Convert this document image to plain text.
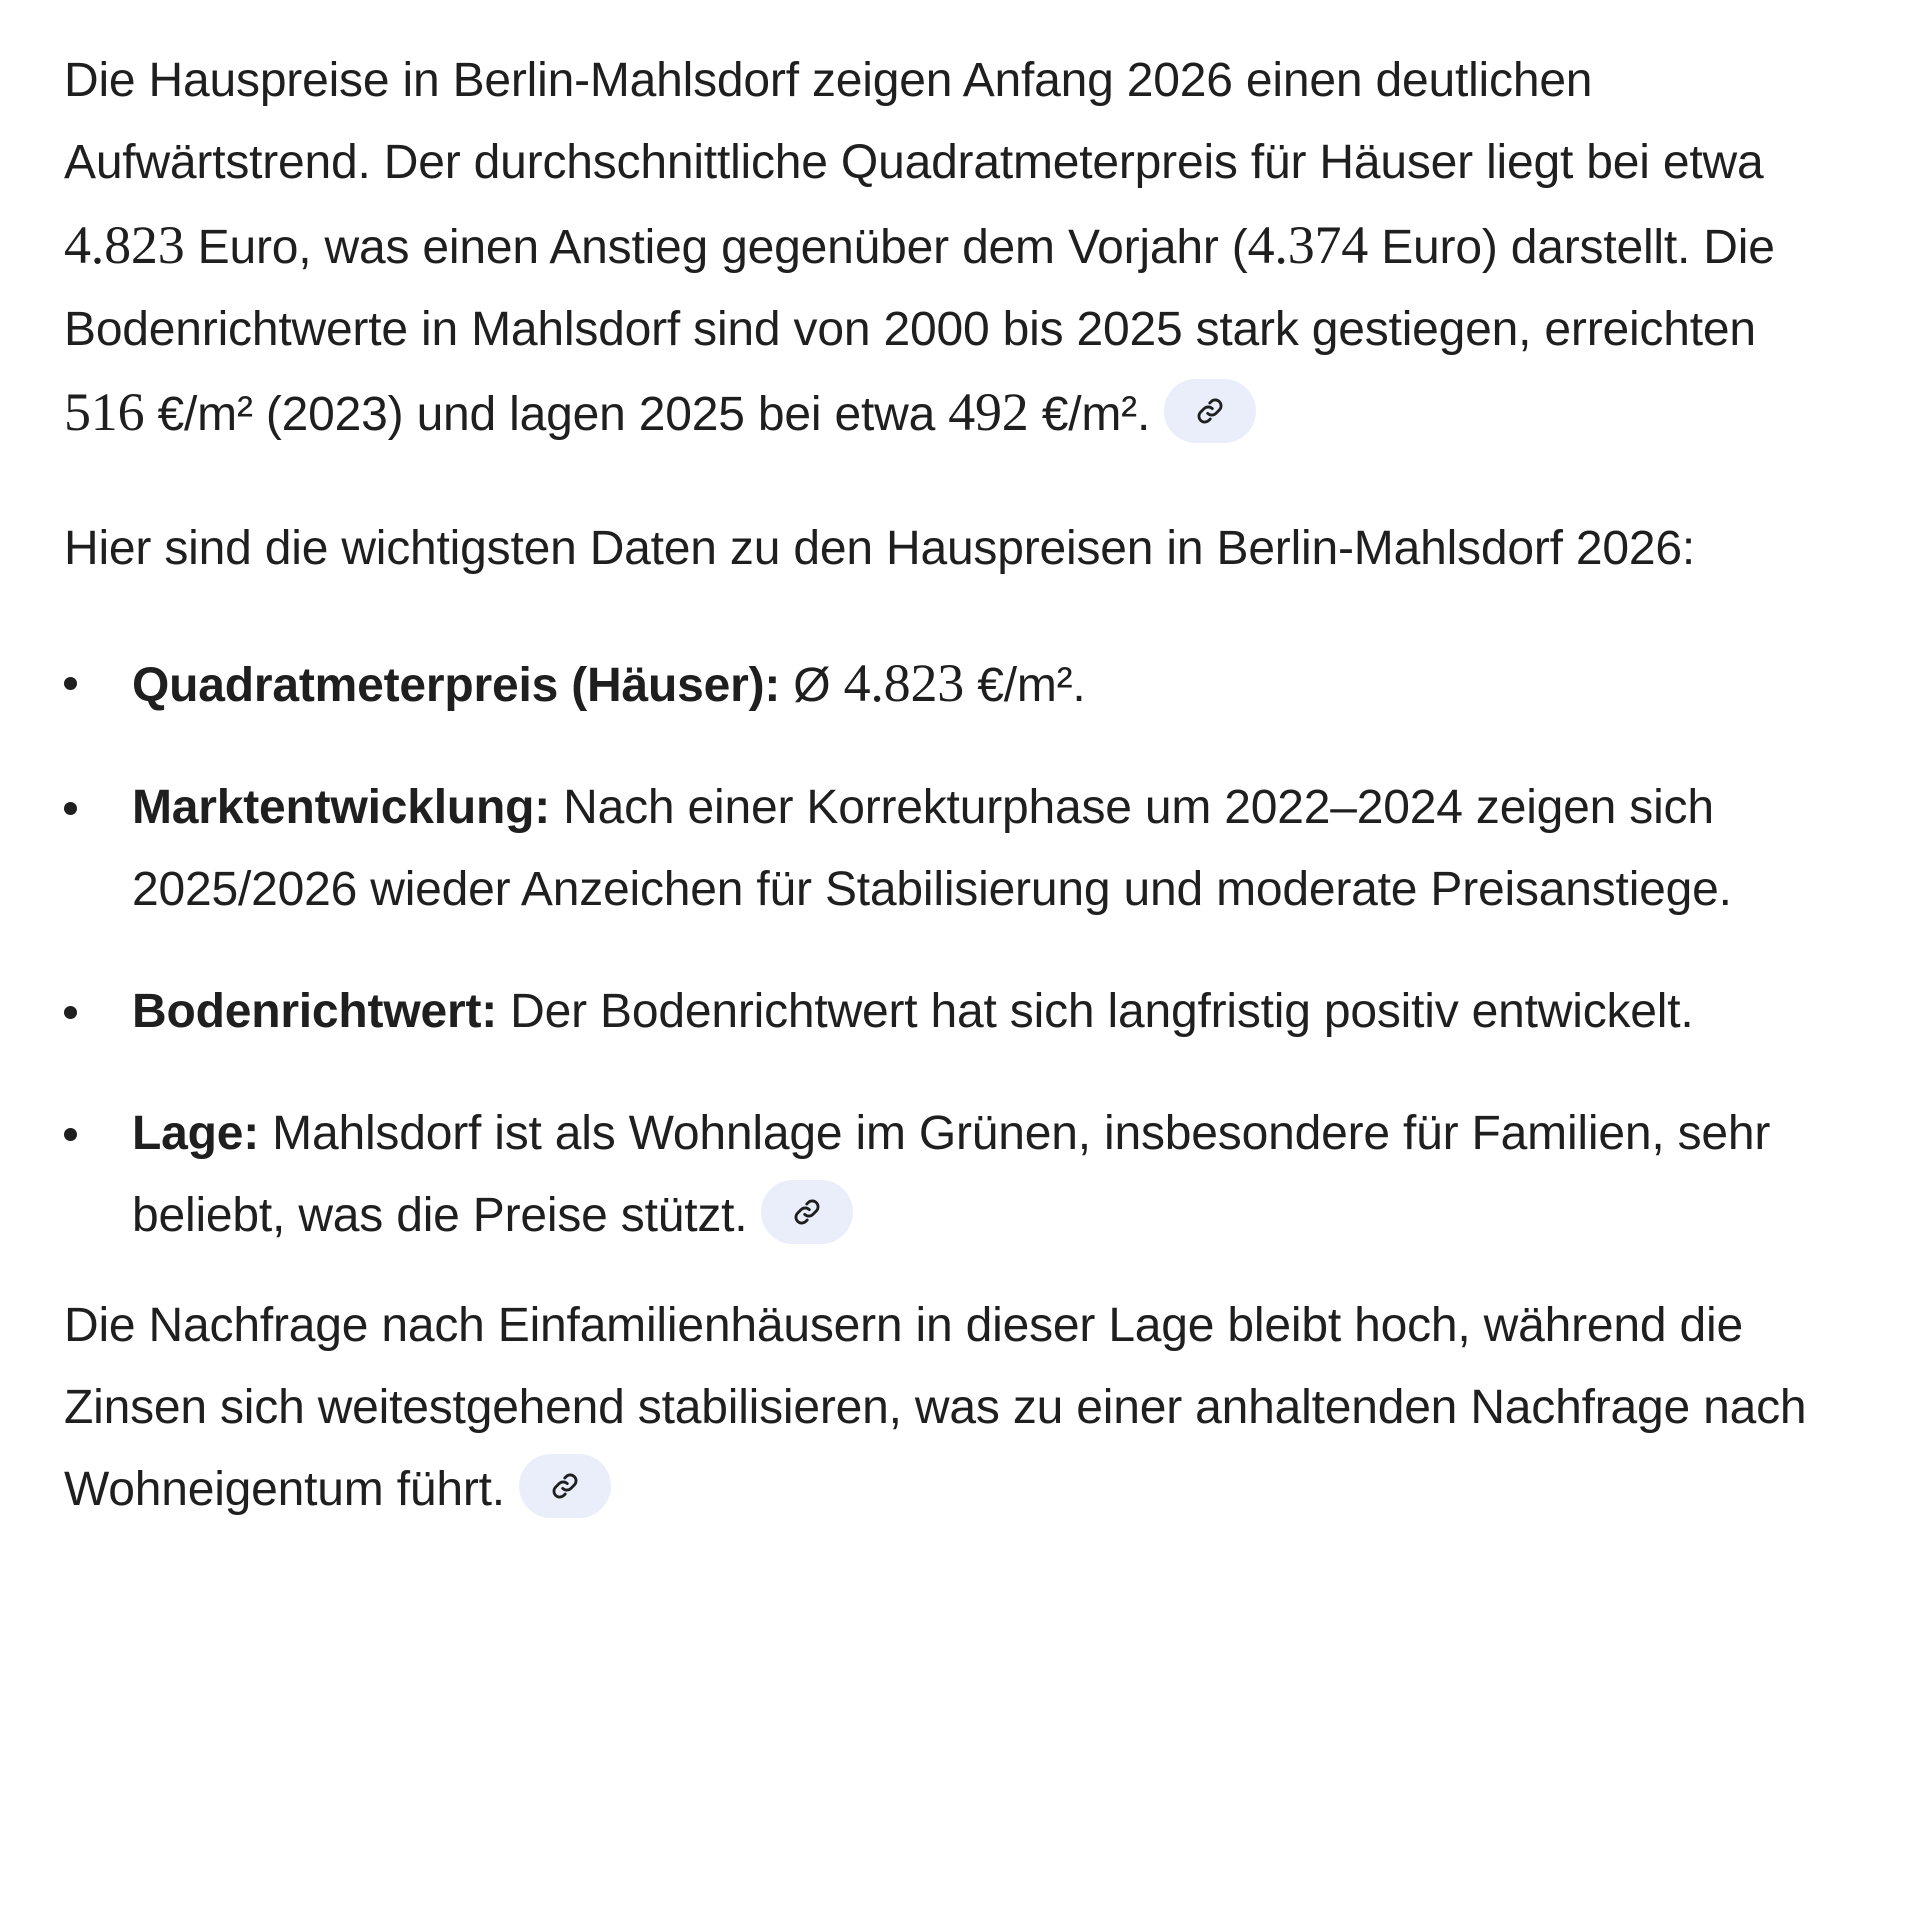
Die Hauspreise in Berlin-Mahlsdorf zeigen Anfang 2026 einen deutlichen Aufwärtstrend. Der durchschnittliche Quadratmeterpreis für Häuser liegt bei etwa 4.823 Euro, was einen Anstieg gegenüber dem Vorjahr (4.374 Euro) darstellt. Die Bodenrichtwerte in Mahlsdorf sind von 2000 bis 2025 stark gestiegen, erreichten 516 €/m² (2023) und lagen 2025 bei etwa 492 €/m².

Hier sind die wichtigsten Daten zu den Hauspreisen in Berlin-Mahlsdorf 2026:

Quadratmeterpreis (Häuser): Ø 4.823 €/m².
Marktentwicklung: Nach einer Korrekturphase um 2022–2024 zeigen sich 2025/2026 wieder Anzeichen für Stabilisierung und moderate Preisanstiege.
Bodenrichtwert: Der Bodenrichtwert hat sich langfristig positiv entwickelt.
Lage: Mahlsdorf ist als Wohnlage im Grünen, insbesondere für Familien, sehr beliebt, was die Preise stützt.

Die Nachfrage nach Einfamilienhäusern in dieser Lage bleibt hoch, während die Zinsen sich weitestgehend stabilisieren, was zu einer anhaltenden Nachfrage nach Wohneigentum führt.
